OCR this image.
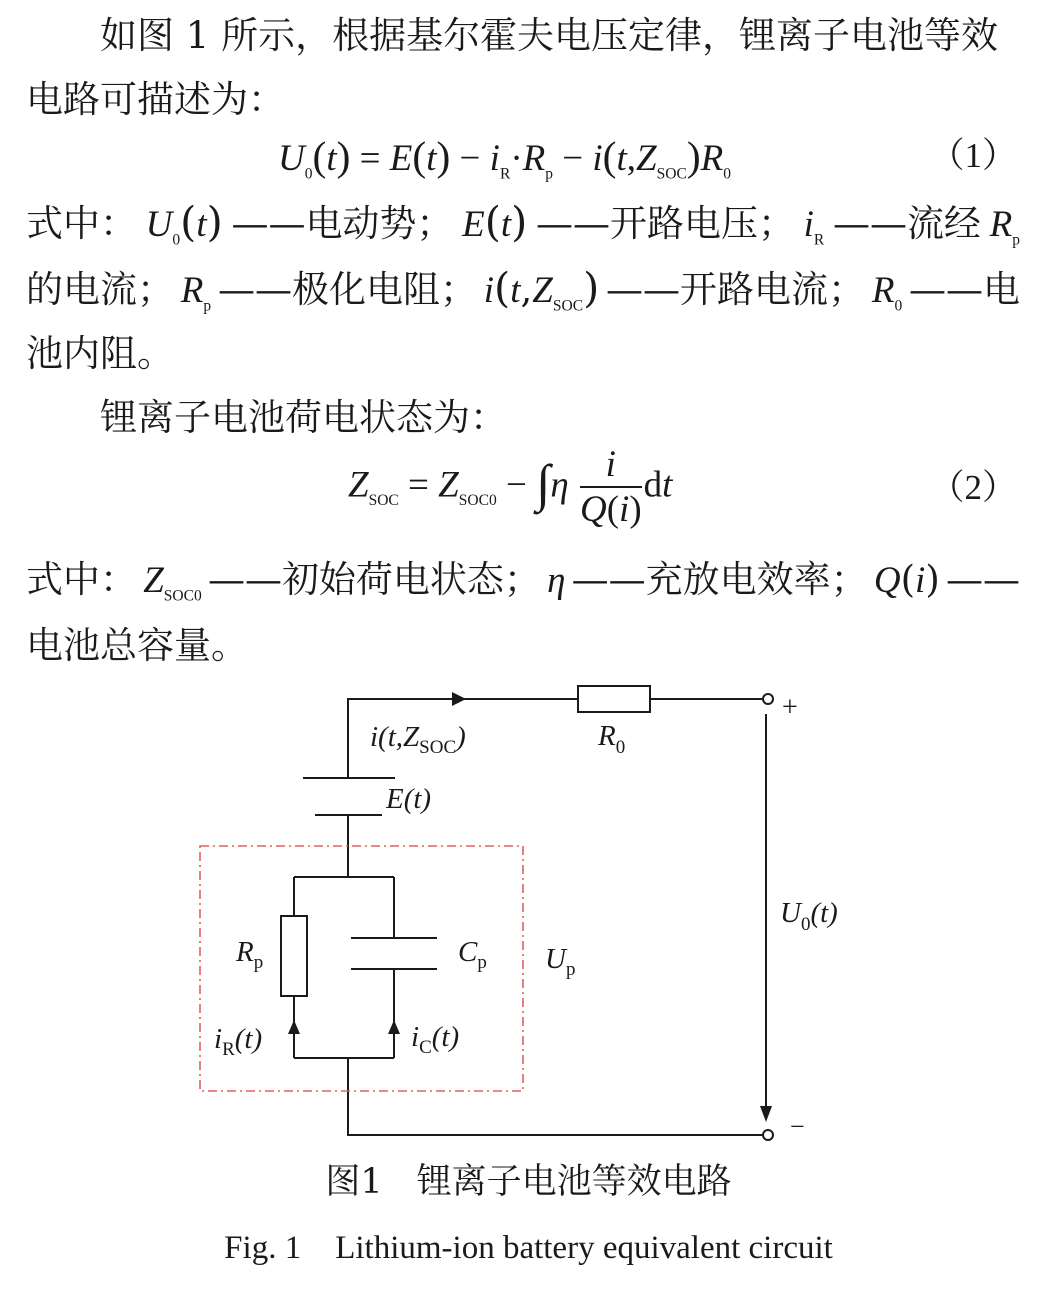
如图 1 所示，根据基尔霍夫电压定律，锂离子电池等效
电路可描述为：
$U_0(t) = E(t) - i_R\cdot R_p - i(t,Z_{SOC})R_0$	（1）
式中： $U_0(t)$ ——电动势； E(t) ——开路电压； $i_R$ ——流经 $R_p$
的电流； $R_p$ ——极化电阻； $i(t,Z_{SOC})$ ——开路电流； $R_0$ ——电
池内阻。
锂离子电池荷电状态为：
$Z_{SOC} = Z_{SOC0} - \int\eta \frac{i}{Q(i)}$ dt	（2）
式中： $Z_{SOC0}$ ——初始荷电状态； η ——充放电效率； Q(i) ——
电池总容量。
$i(t,Z_{SOC})$	$R_0$
E(t)
$R_p$	$C_p$ $U_p$
$i_R(t)$	$i_C(t)$
$U_0(t)$
+
−
图1 锂离子电池等效电路
Fig. 1 Lithium-ion battery equivalent circuit
